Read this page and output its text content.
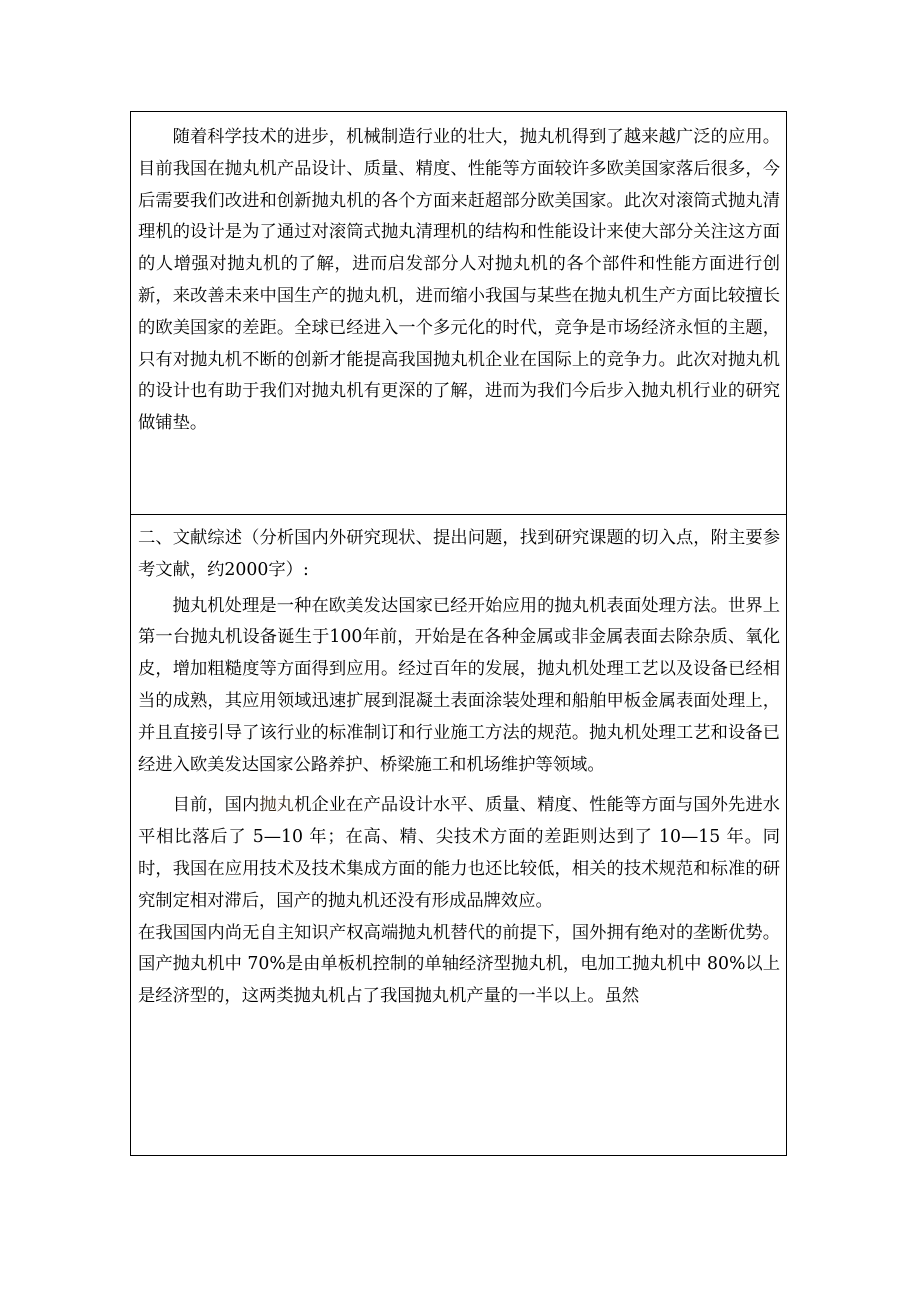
随着科学技术的进步，机械制造行业的壮大，抛丸机得到了越来越广泛的应用。目前我国在抛丸机产品设计、质量、精度、性能等方面较许多欧美国家落后很多，今后需要我们改进和创新抛丸机的各个方面来赶超部分欧美国家。此次对滚筒式抛丸清理机的设计是为了通过对滚筒式抛丸清理机的结构和性能设计来使大部分关注这方面的人增强对抛丸机的了解，进而启发部分人对抛丸机的各个部件和性能方面进行创新，来改善未来中国生产的抛丸机，进而缩小我国与某些在抛丸机生产方面比较擅长的欧美国家的差距。全球已经进入一个多元化的时代，竞争是市场经济永恒的主题，只有对抛丸机不断的创新才能提高我国抛丸机企业在国际上的竞争力。此次对抛丸机的设计也有助于我们对抛丸机有更深的了解，进而为我们今后步入抛丸机行业的研究做铺垫。

二、文献综述（分析国内外研究现状、提出问题，找到研究课题的切入点，附主要参考文献，约2000字）:

抛丸机处理是一种在欧美发达国家已经开始应用的抛丸机表面处理方法。世界上第一台抛丸机设备诞生于100年前，开始是在各种金属或非金属表面去除杂质、氧化皮，增加粗糙度等方面得到应用。经过百年的发展，抛丸机处理工艺以及设备已经相当的成熟，其应用领域迅速扩展到混凝土表面涂装处理和船舶甲板金属表面处理上，并且直接引导了该行业的标准制订和行业施工方法的规范。抛丸机处理工艺和设备已经进入欧美发达国家公路养护、桥梁施工和机场维护等领域。

目前，国内抛丸机企业在产品设计水平、质量、精度、性能等方面与国外先进水平相比落后了 5—10 年；在高、精、尖技术方面的差距则达到了 10—15 年。同时，我国在应用技术及技术集成方面的能力也还比较低，相关的技术规范和标准的研究制定相对滞后，国产的抛丸机还没有形成品牌效应。

在我国国内尚无自主知识产权高端抛丸机替代的前提下，国外拥有绝对的垄断优势。 国产抛丸机中 70%是由单板机控制的单轴经济型抛丸机，电加工抛丸机中 80%以上是经济型的，这两类抛丸机占了我国抛丸机产量的一半以上。虽然
